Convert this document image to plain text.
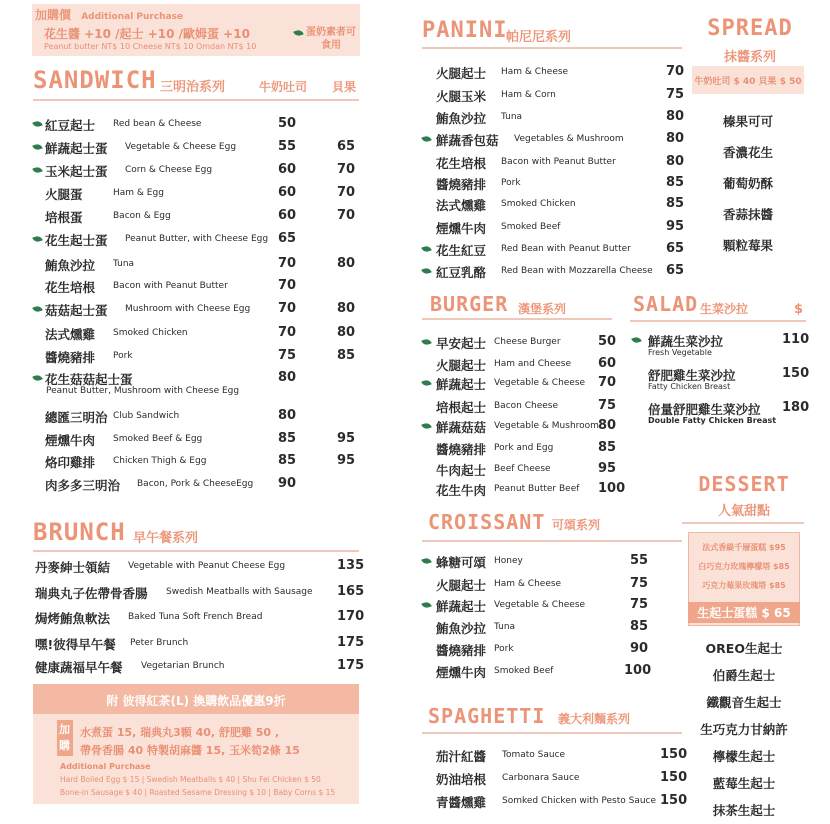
加購價 Additional Purchase
花生醬 +10 /起士 +10 /歐姆蛋 +10
Peanut butter NT$ 10 Cheese NT$ 10 Omdan NT$ 10
蛋奶素者可食用
SANDWICH 三明治系列	牛奶吐司 貝果
紅豆起士 Red bean & Cheese	50
鮮蔬起士蛋 Vegetable & Cheese Egg	55	65
玉米起士蛋 Corn & Cheese Egg	60	70
火腿蛋	Ham & Egg	60	70
培根蛋	Bacon & Egg	60	70
花生起士蛋 Peanut Butter, with Cheese Egg 65
鮪魚沙拉 Tuna	70	80
花生培根 Bacon with Peanut Butter	70
菇菇起士蛋 Mushroom with Cheese Egg 70	80
法式燻雞 Smoked Chicken	70	80
醬燒豬排 Pork	75	85
花生菇菇起士蛋	80
Peanut Butter, Mushroom with Cheese Egg
總匯三明治 Club Sandwich	80
煙燻牛肉 Smoked Beef & Egg	85	95
烙印雞排 Chicken Thigh & Egg	85	95
肉多多三明治 Bacon, Pork & CheeseEgg 90
BRUNCH 早午餐系列
丹麥紳士領結 Vegetable with Peanut Cheese Egg	135
瑞典丸子佐帶骨香腸 Swedish Meatballs with Sausage 165
焗烤鮪魚軟法 Baked Tuna Soft French Bread	170
嘿!彼得早午餐 Peter Brunch	175
健康蔬福早午餐 Vegetarian Brunch	175
附 彼得紅茶(L) 換購飲品優惠9折
加購
水煮蛋 15, 瑞典丸3顆 40, 舒肥雞 50 ,
帶骨香腸 40 特製胡麻醬 15, 玉米筍2條 15
Additional Purchase
Hard Boiled Egg $ 15 | Swedish Meatballs $ 40 | Shu Fei Chicken $ 50
Bone-in Sausage $ 40 | Roasted Sesame Dressing $ 10 | Baby Corns $ 15
PANINI
帕尼尼系列
火腿起士 Ham & Cheese	70
火腿玉米 Ham & Corn	75
鮪魚沙拉 Tuna	80
鮮蔬香包菇 Vegetables & Mushroom	80
花生培根 Bacon with Peanut Butter	80
醬燒豬排 Pork	85
法式燻雞 Smoked Chicken	85
煙燻牛肉 Smoked Beef	95
花生紅豆 Red Bean with Peanut Butter	65
紅豆乳酪 Red Bean with Mozzarella Cheese 65
BURGER 漢堡系列
早安起士 Cheese Burger	50
火腿起士 Ham and Cheese 60
鮮蔬起士 Vegetable & Cheese 70
培根起士 Bacon Cheese	75
鮮蔬菇菇 Vegetable & Mushroom 80
醬燒豬排 Pork and Egg	85
牛肉起士 Beef Cheese	95
花生牛肉 Peanut Butter Beef 100
CROISSANT 可頌系列
蜂糖可頌 Honey	55
火腿起士 Ham & Cheese	75
鮮蔬起士 Vegetable & Cheese	75
鮪魚沙拉 Tuna	85
醬燒豬排 Pork	90
煙燻牛肉 Smoked Beef	100
SPAGHETTI 義大利麵系列
茄汁紅醬 Tomato Sauce	150
奶油培根 Carbonara Sauce	150
青醬燻雞 Somked Chicken with Pesto Sauce 150
SPREAD
抹醬系列
牛奶吐司 $ 40 貝果 $ 50
榛果可可
香濃花生
葡萄奶酥
香蒜抹醬
顆粒莓果
SALAD 生菜沙拉	$
鮮蔬生菜沙拉	110
Fresh Vegetable
舒肥雞生菜沙拉	150
Fatty Chicken Breast
倍量舒肥雞生菜沙拉 180
Double Fatty Chicken Breast
DESSERT
人氣甜點
法式香緹千層蛋糕 $95
白巧克力玫瑰檸檬塔 $85
巧克力莓果玫瑰塔 $85
生起士蛋糕 $ 65
OREO生起士
伯爵生起士
鐵觀音生起士
生巧克力甘納許
檸檬生起士
藍莓生起士
抹茶生起士
